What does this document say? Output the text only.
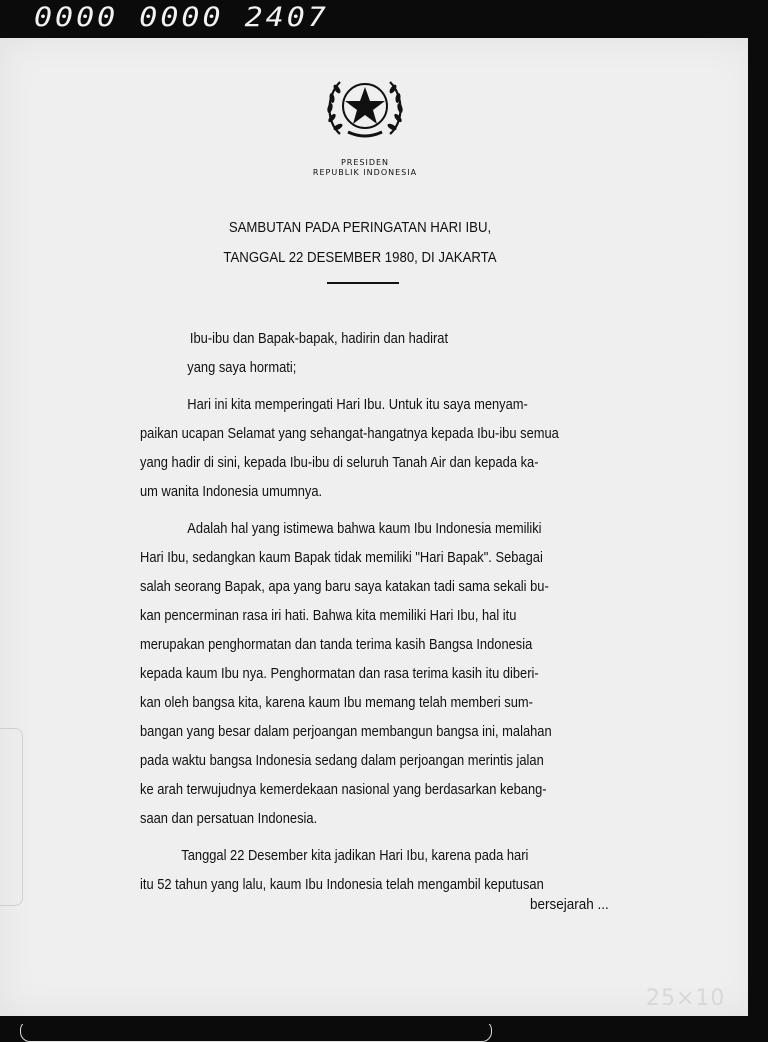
0000 0000 2407
PRESIDEN
REPUBLIK INDONESIA
SAMBUTAN PADA PERINGATAN HARI IBU,
TANGGAL 22 DESEMBER 1980, DI JAKARTA
Ibu-ibu dan Bapak-bapak, hadirin dan hadirat
yang saya hormati;
Hari ini kita memperingati Hari Ibu. Untuk itu saya menyam-
paikan ucapan Selamat yang sehangat-hangatnya kepada Ibu-ibu semua
yang hadir di sini, kepada Ibu-ibu di seluruh Tanah Air dan kepada ka-
um wanita Indonesia umumnya.
Adalah hal yang istimewa bahwa kaum Ibu Indonesia memiliki
Hari Ibu, sedangkan kaum Bapak tidak memiliki "Hari Bapak". Sebagai
salah seorang Bapak, apa yang baru saya katakan tadi sama sekali bu-
kan pencerminan rasa iri hati. Bahwa kita memiliki Hari Ibu, hal itu
merupakan penghormatan dan tanda terima kasih Bangsa Indonesia
kepada kaum Ibu nya. Penghormatan dan rasa terima kasih itu diberi-
kan oleh bangsa kita, karena kaum Ibu memang telah memberi sum-
bangan yang besar dalam perjoangan membangun bangsa ini, malahan
pada waktu bangsa Indonesia sedang dalam perjoangan merintis jalan
ke arah terwujudnya kemerdekaan nasional yang berdasarkan kebang-
saan dan persatuan Indonesia.
Tanggal 22 Desember kita jadikan Hari Ibu, karena pada hari
itu 52 tahun yang lalu, kaum Ibu Indonesia telah mengambil keputusan
bersejarah ...
25×10
